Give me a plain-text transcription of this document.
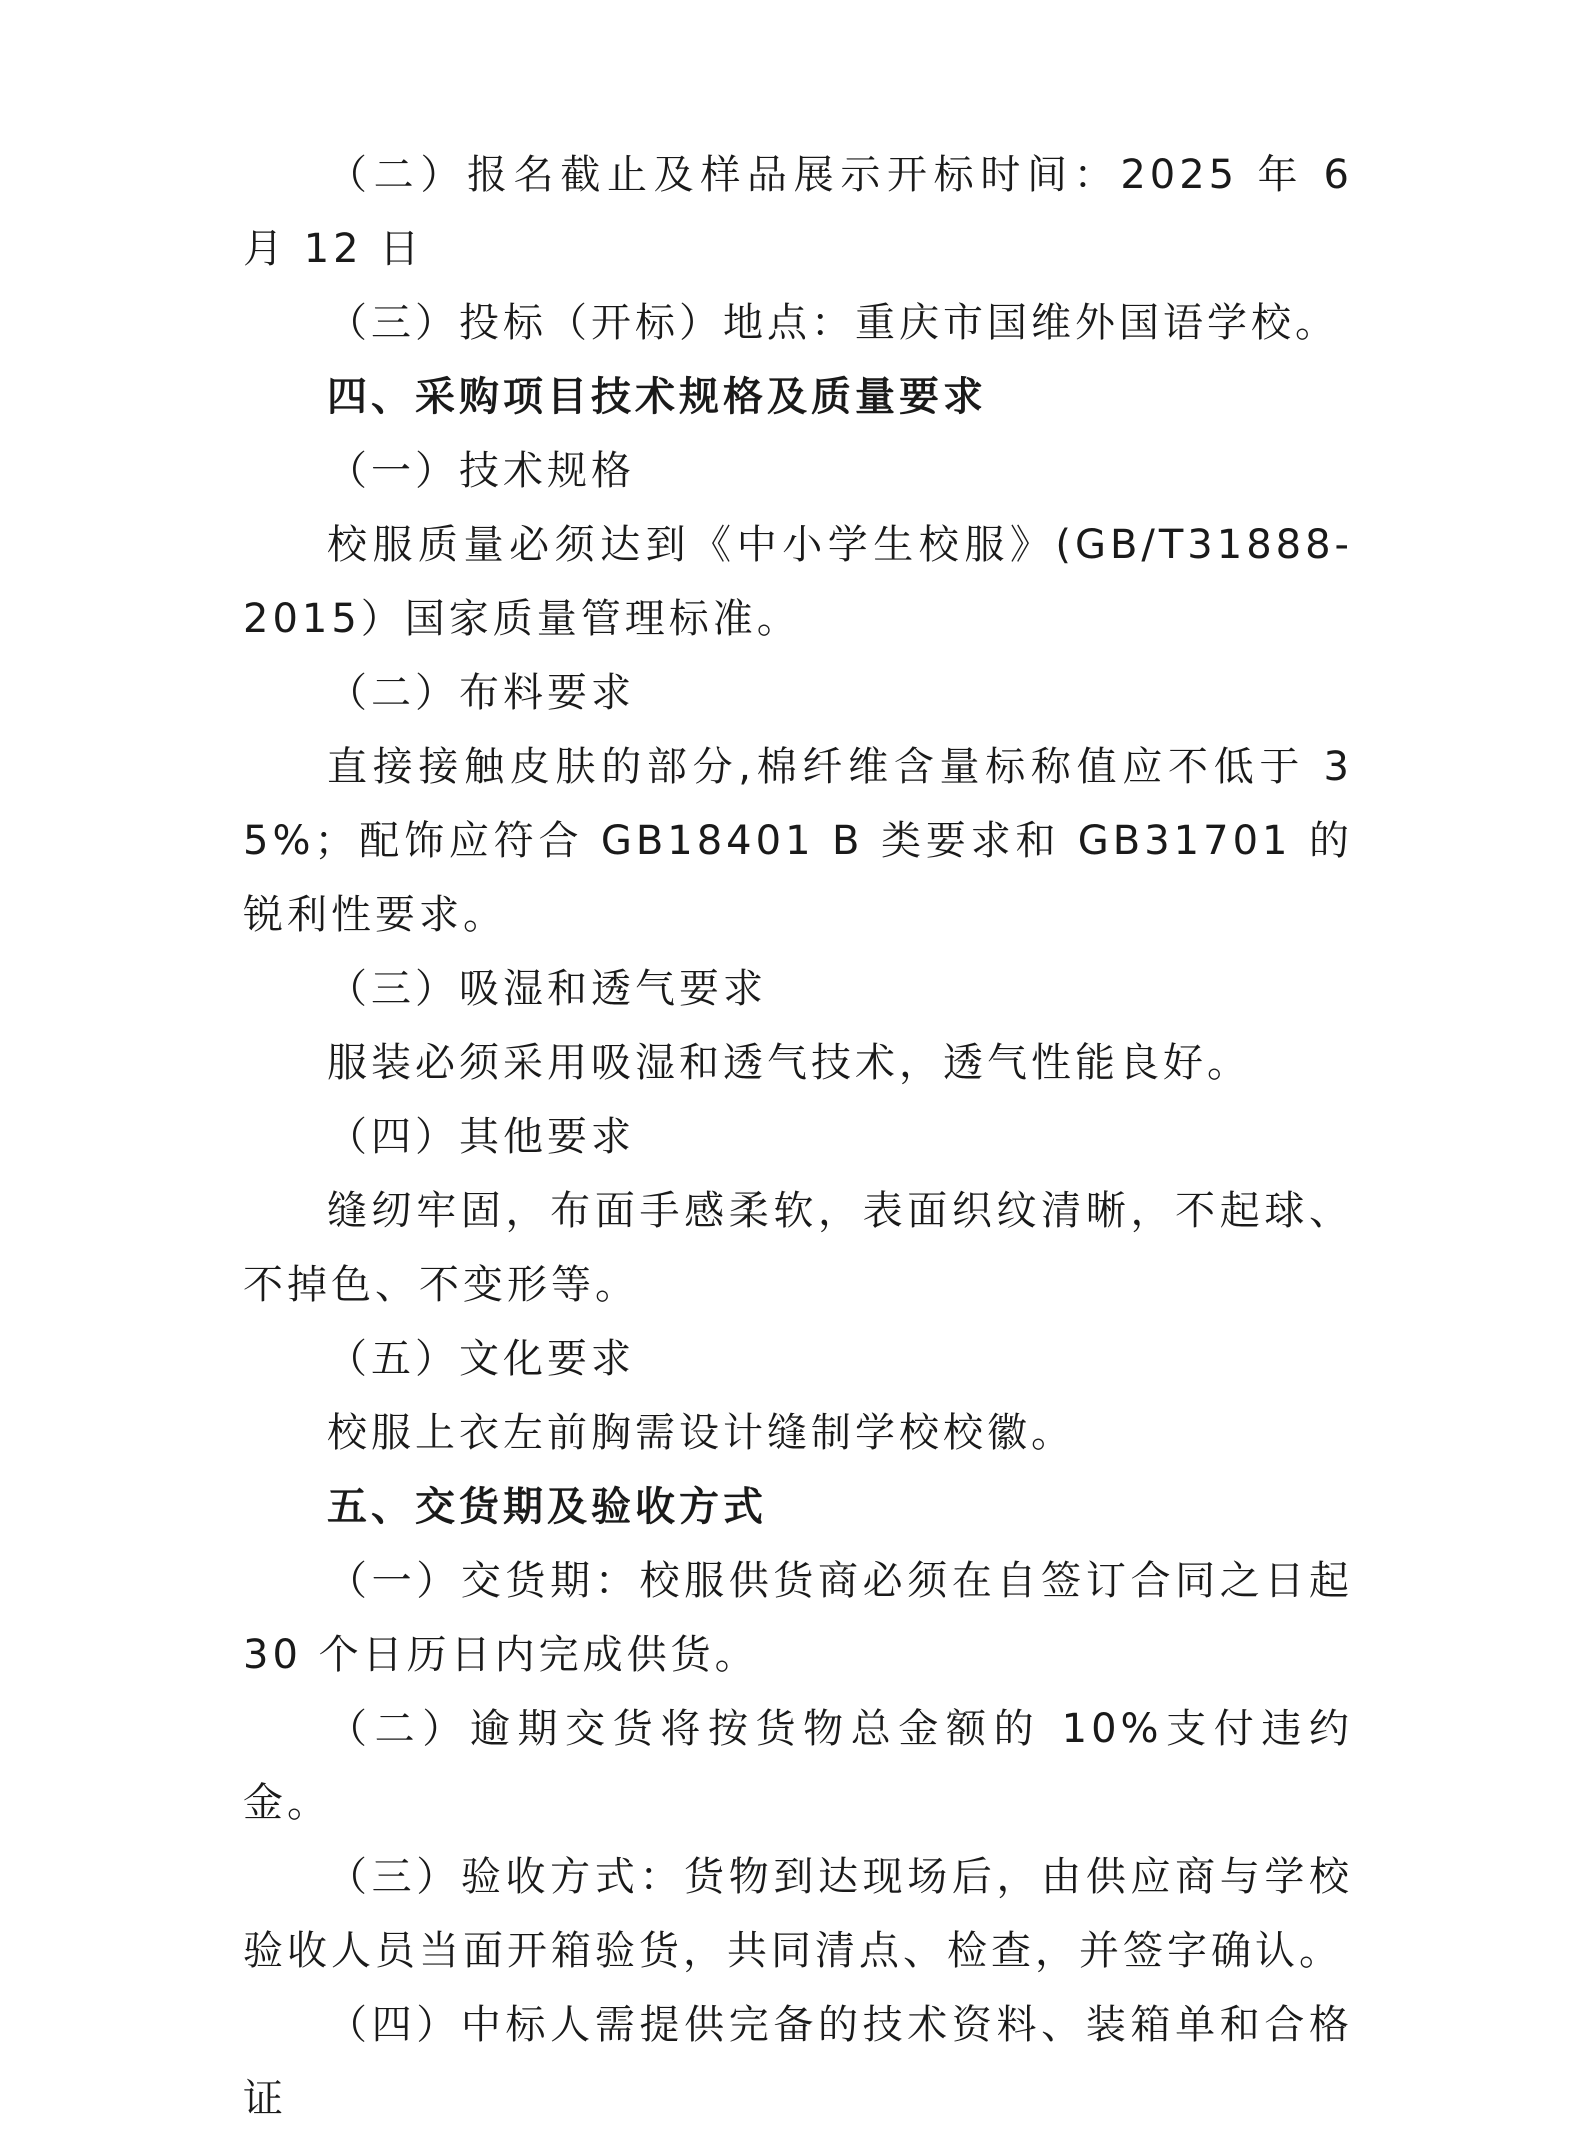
（二）报名截止及样品展示开标时间：2025 年 6 月 12 日

（三）投标（开标）地点：重庆市国维外国语学校。

四、采购项目技术规格及质量要求

（一）技术规格

校服质量必须达到《中小学生校服》(GB/T31888-2015）国家质量管理标准。

（二）布料要求

直接接触皮肤的部分,棉纤维含量标称值应不低于 35%；配饰应符合 GB18401 B 类要求和 GB31701 的锐利性要求。

（三）吸湿和透气要求

服装必须采用吸湿和透气技术，透气性能良好。

（四）其他要求

缝纫牢固，布面手感柔软，表面织纹清晰，不起球、不掉色、不变形等。

（五）文化要求

校服上衣左前胸需设计缝制学校校徽。

五、交货期及验收方式

（一）交货期：校服供货商必须在自签订合同之日起 30 个日历日内完成供货。

（二）逾期交货将按货物总金额的 10%支付违约金。

（三）验收方式：货物到达现场后，由供应商与学校验收人员当面开箱验货，共同清点、检查，并签字确认。

（四）中标人需提供完备的技术资料、装箱单和合格证
